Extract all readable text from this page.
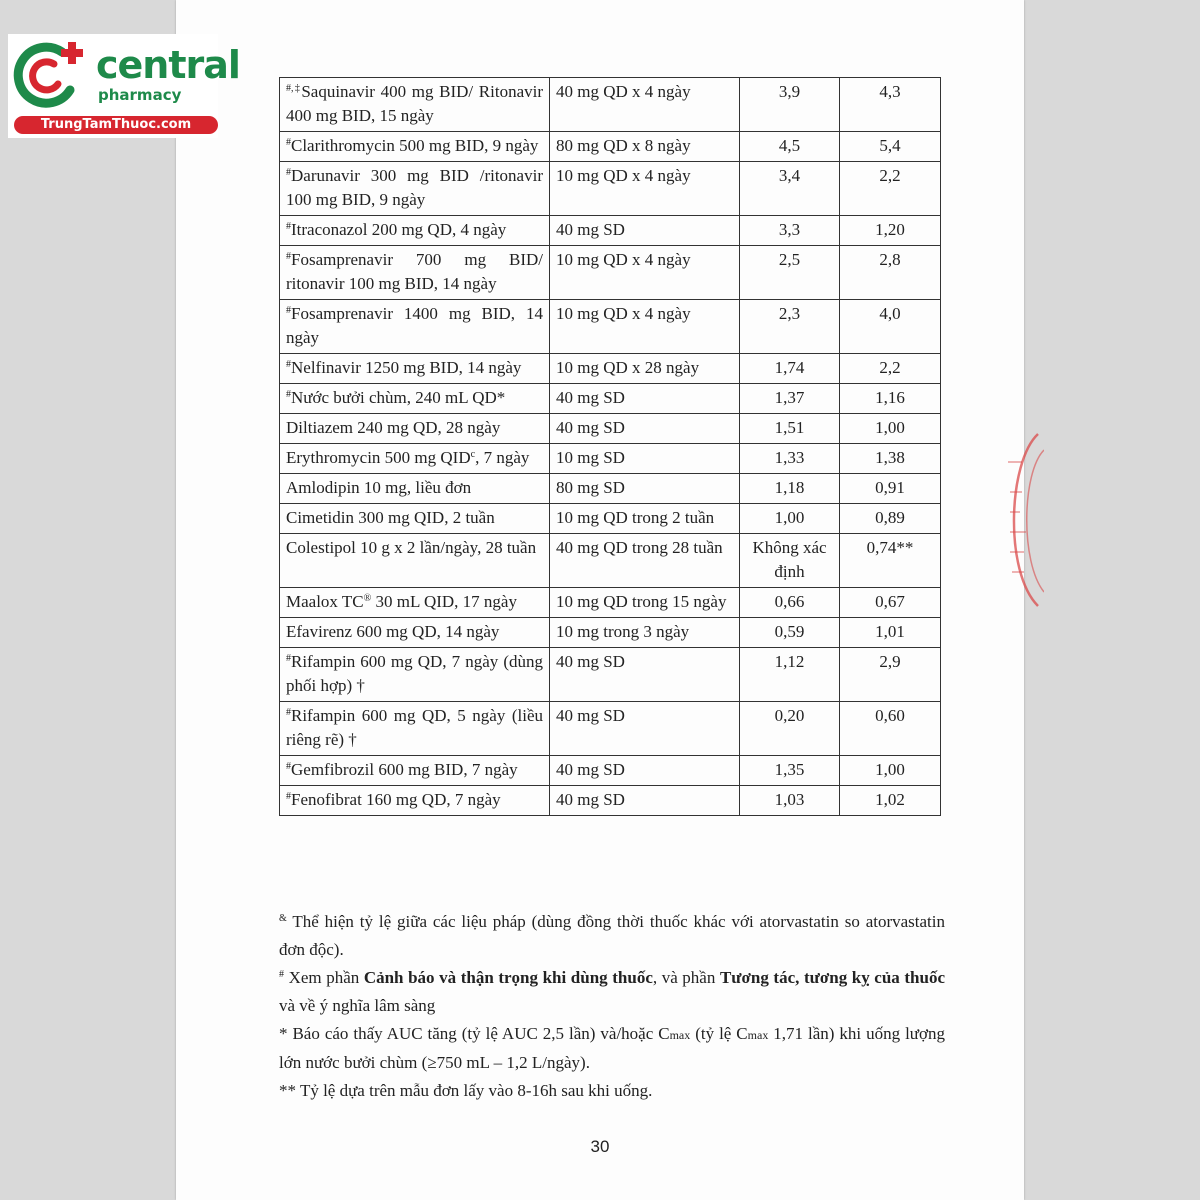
central
pharmacy
TrungTamThuoc.com
#,‡Saquinavir 400 mg BID/ Ritonavir 400 mg BID, 15 ngày	40 mg QD x 4 ngày	3,9	4,3
#Clarithromycin 500 mg BID, 9 ngày	80 mg QD x 8 ngày	4,5	5,4
#Darunavir 300 mg BID /ritonavir 100 mg BID, 9 ngày	10 mg QD x 4 ngày	3,4	2,2
#Itraconazol 200 mg QD, 4 ngày	40 mg SD	3,3	1,20
#Fosamprenavir 700 mg BID/ ritonavir 100 mg BID, 14 ngày	10 mg QD x 4 ngày	2,5	2,8
#Fosamprenavir 1400 mg BID, 14 ngày	10 mg QD x 4 ngày	2,3	4,0
#Nelfinavir 1250 mg BID, 14 ngày	10 mg QD x 28 ngày	1,74	2,2
#Nước bưởi chùm, 240 mL QD*	40 mg SD	1,37	1,16
Diltiazem 240 mg QD, 28 ngày	40 mg SD	1,51	1,00
Erythromycin 500 mg QID$^c$, 7 ngày	10 mg SD	1,33	1,38
Amlodipin 10 mg, liều đơn	80 mg SD	1,18	0,91
Cimetidin 300 mg QID, 2 tuần	10 mg QD trong 2 tuần	1,00	0,89
Colestipol 10 g x 2 lần/ngày, 28 tuần	40 mg QD trong 28 tuần	Không xác định	0,74**
Maalox TC® 30 mL QID, 17 ngày	10 mg QD trong 15 ngày	0,66	0,67
Efavirenz 600 mg QD, 14 ngày	10 mg trong 3 ngày	0,59	1,01
#Rifampin 600 mg QD, 7 ngày (dùng phối hợp) †	40 mg SD	1,12	2,9
#Rifampin 600 mg QD, 5 ngày (liều riêng rẽ) †	40 mg SD	0,20	0,60
#Gemfibrozil 600 mg BID, 7 ngày	40 mg SD	1,35	1,00
#Fenofibrat 160 mg QD, 7 ngày	40 mg SD	1,03	1,02

& Thể hiện tỷ lệ giữa các liệu pháp (dùng đồng thời thuốc khác với atorvastatin so atorvastatin đơn độc).

# Xem phần Cảnh báo và thận trọng khi dùng thuốc, và phần Tương tác, tương kỵ của thuốc và về ý nghĩa lâm sàng

* Báo cáo thấy AUC tăng (tỷ lệ AUC 2,5 lần) và/hoặc Cmax (tỷ lệ Cmax 1,71 lần) khi uống lượng lớn nước bưởi chùm (≥750 mL – 1,2 L/ngày).

** Tỷ lệ dựa trên mẫu đơn lấy vào 8-16h sau khi uống.

30
